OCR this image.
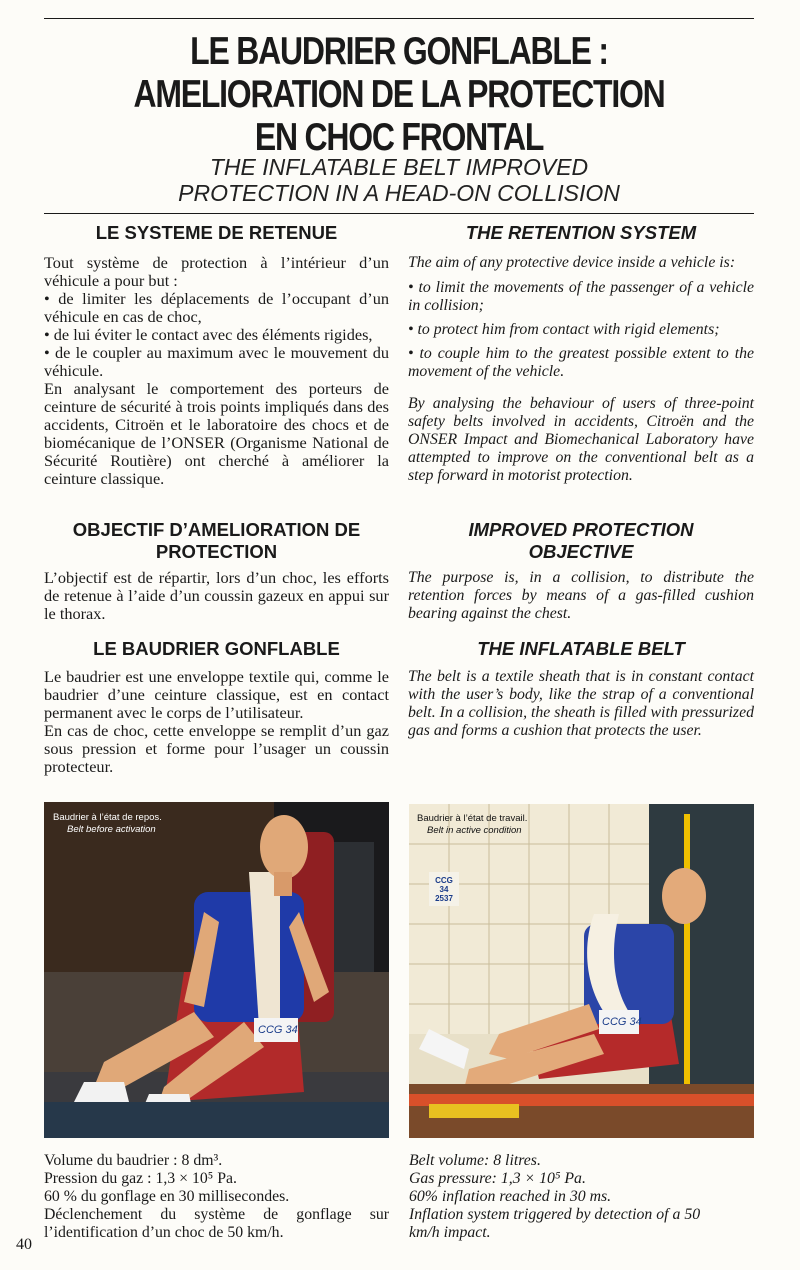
LE BAUDRIER GONFLABLE :
AMELIORATION DE LA PROTECTION
EN CHOC FRONTAL
THE INFLATABLE BELT IMPROVED
PROTECTION IN A HEAD-ON COLLISION
LE SYSTEME DE RETENUE
Tout système de protection à l’intérieur d’un véhicule a pour but :
• de limiter les déplacements de l’occupant d’un véhicule en cas de choc,
• de lui éviter le contact avec des éléments rigides,
• de le coupler au maximum avec le mouvement du véhicule.
En analysant le comportement des porteurs de ceinture de sécurité à trois points impliqués dans des accidents, Citroën et le laboratoire des chocs et de biomécanique de l’ONSER (Organisme National de Sécurité Routière) ont cherché à améliorer la ceinture classique.
OBJECTIF D’AMELIORATION DE
PROTECTION
L’objectif est de répartir, lors d’un choc, les efforts de retenue à l’aide d’un coussin gazeux en appui sur le thorax.
LE BAUDRIER GONFLABLE
Le baudrier est une enveloppe textile qui, comme le baudrier d’une ceinture classique, est en contact permanent avec le corps de l’utilisateur.
En cas de choc, cette enveloppe se remplit d’un gaz sous pression et forme pour l’usager un coussin protecteur.
THE RETENTION SYSTEM
The aim of any protective device inside a vehicle is:
• to limit the movements of the passenger of a vehicle in collision;
• to protect him from contact with rigid elements;
• to couple him to the greatest possible extent to the movement of the vehicle.
By analysing the behaviour of users of three-point safety belts involved in accidents, Citroën and the ONSER Impact and Biomechanical Laboratory have attempted to improve on the conventional belt as a step forward in motorist protection.
IMPROVED PROTECTION
OBJECTIVE
The purpose is, in a collision, to distribute the retention forces by means of a gas-filled cushion bearing against the chest.
THE INFLATABLE BELT
The belt is a textile sheath that is in constant contact with the user’s body, like the strap of a conventional belt. In a collision, the sheath is filled with pressurized gas and forms a cushion that protects the user.
Baudrier à l’état de repos.
Belt before activation
CCG 34
Baudrier à l’état de travail.
Belt in active condition
CCG 34 2537
CCG 34
Volume du baudrier : 8 dm³.
Pression du gaz : 1,3 × 10⁵ Pa.
60 % du gonflage en 30 millisecondes.
Déclenchement du système de gonflage sur l’identification d’un choc de 50 km/h.
Belt volume: 8 litres.
Gas pressure: 1,3 × 10⁵ Pa.
60% inflation reached in 30 ms.
Inflation system triggered by detection of a 50 km/h impact.
40
